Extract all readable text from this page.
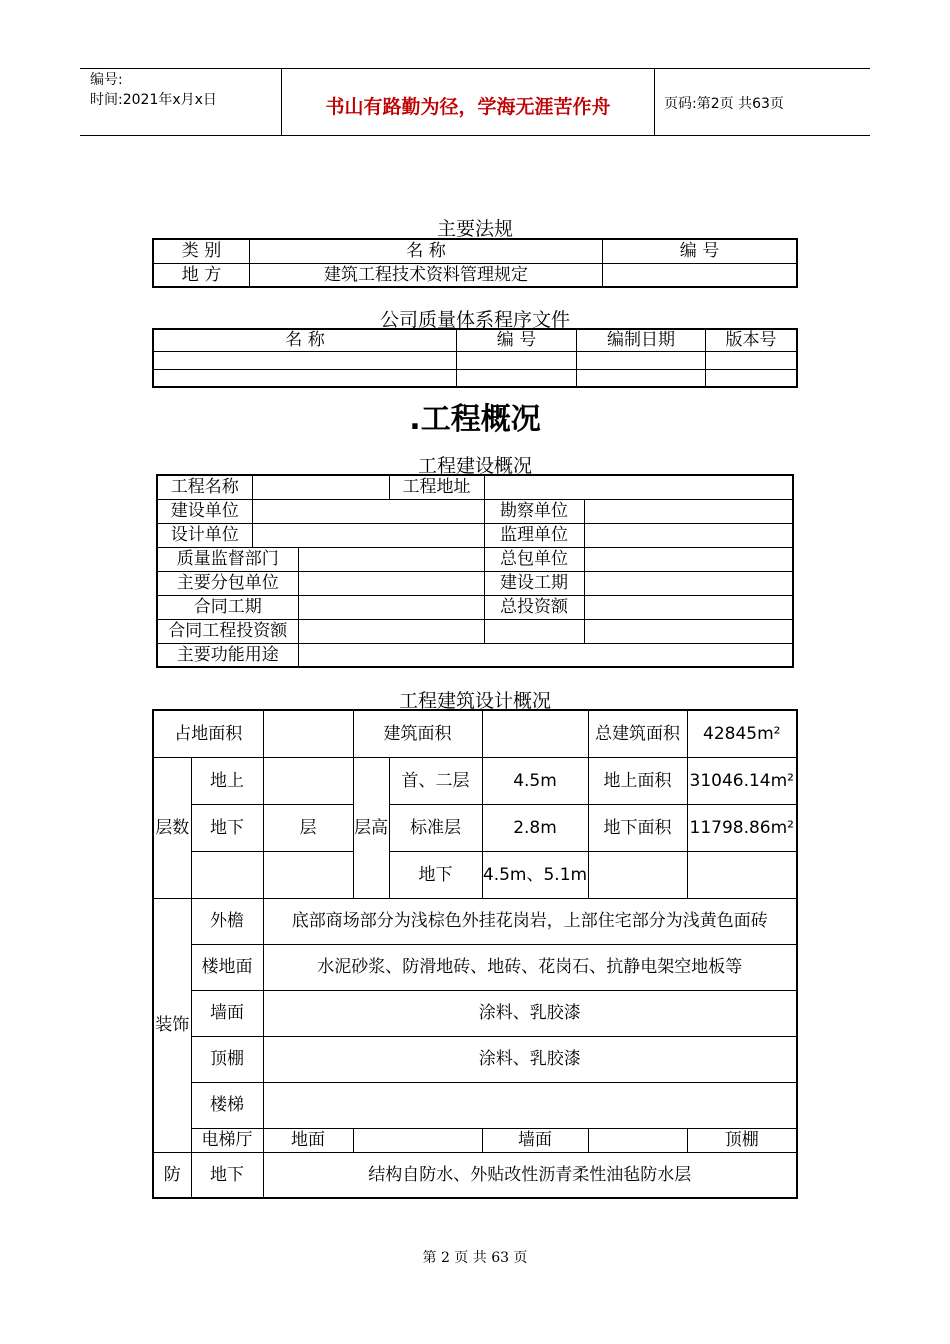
编号:
时间:2021年x月x日	书山有路勤为径，学海无涯苦作舟	页码:第2页 共63页
主要法规
类 别	名 称	编 号
地 方	建筑工程技术资料管理规定	
公司质量体系程序文件
名 称	编 号	编制日期	版本号

.工程概况
工程建设概况
工程名称			工程地址		
建设单位				勘察单位	
设计单位				监理单位	
质量监督部门				总包单位	
主要分包单位				建设工期	
合同工期				总投资额	
合同工程投资额					
主要功能用途					
工程建筑设计概况
占地面积			建筑面积			总建筑面积	42845m²
层数	地上		层高	首、二层	4.5m	地上面积	31046.14m²
	地下	层		标准层	2.8m	地下面积	11798.86m²
				地下	4.5m、5.1m		
装饰	外檐	底部商场部分为浅棕色外挂花岗岩，上部住宅部分为浅黄色面砖					
	楼地面	水泥砂浆、防滑地砖、地砖、花岗石、抗静电架空地板等					
	墙面	涂料、乳胶漆					
	顶棚	涂料、乳胶漆					
	楼梯						
	电梯厅	地面			墙面		顶棚
防	地下	结构自防水、外贴改性沥青柔性油毡防水层					
第 2 页 共 63 页
